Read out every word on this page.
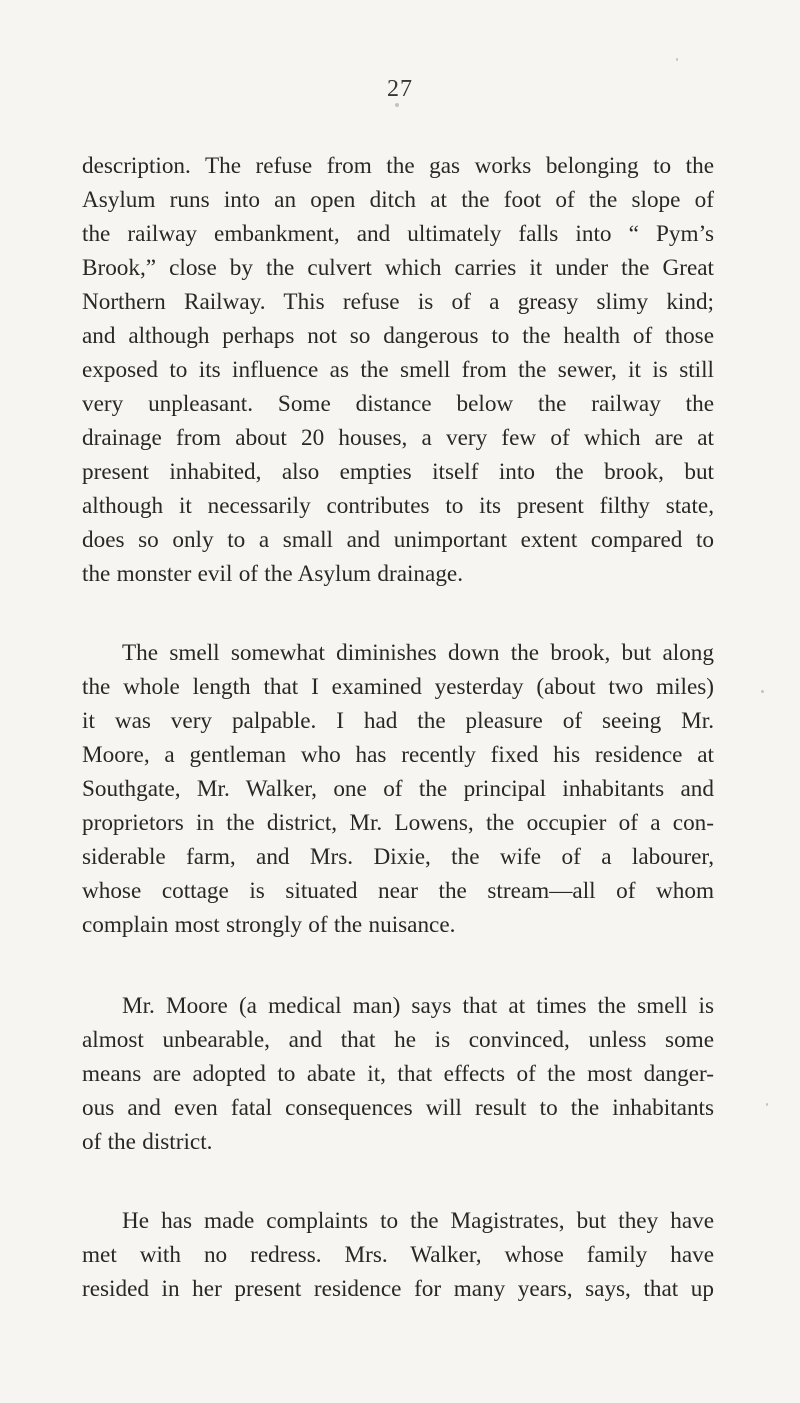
27
description. The refuse from the gas works belonging to the
Asylum runs into an open ditch at the foot of the slope of
the railway embankment, and ultimately falls into “ Pym’s
Brook,” close by the culvert which carries it under the Great
Northern Railway. This refuse is of a greasy slimy kind;
and although perhaps not so dangerous to the health of those
exposed to its influence as the smell from the sewer, it is still
very unpleasant. Some distance below the railway the
drainage from about 20 houses, a very few of which are at
present inhabited, also empties itself into the brook, but
although it necessarily contributes to its present filthy state,
does so only to a small and unimportant extent compared to
the monster evil of the Asylum drainage.
The smell somewhat diminishes down the brook, but along
the whole length that I examined yesterday (about two miles)
it was very palpable. I had the pleasure of seeing Mr.
Moore, a gentleman who has recently fixed his residence at
Southgate, Mr. Walker, one of the principal inhabitants and
proprietors in the district, Mr. Lowens, the occupier of a con-
siderable farm, and Mrs. Dixie, the wife of a labourer,
whose cottage is situated near the stream—all of whom
complain most strongly of the nuisance.
Mr. Moore (a medical man) says that at times the smell is
almost unbearable, and that he is convinced, unless some
means are adopted to abate it, that effects of the most danger-
ous and even fatal consequences will result to the inhabitants
of the district.
He has made complaints to the Magistrates, but they have
met with no redress. Mrs. Walker, whose family have
resided in her present residence for many years, says, that up
